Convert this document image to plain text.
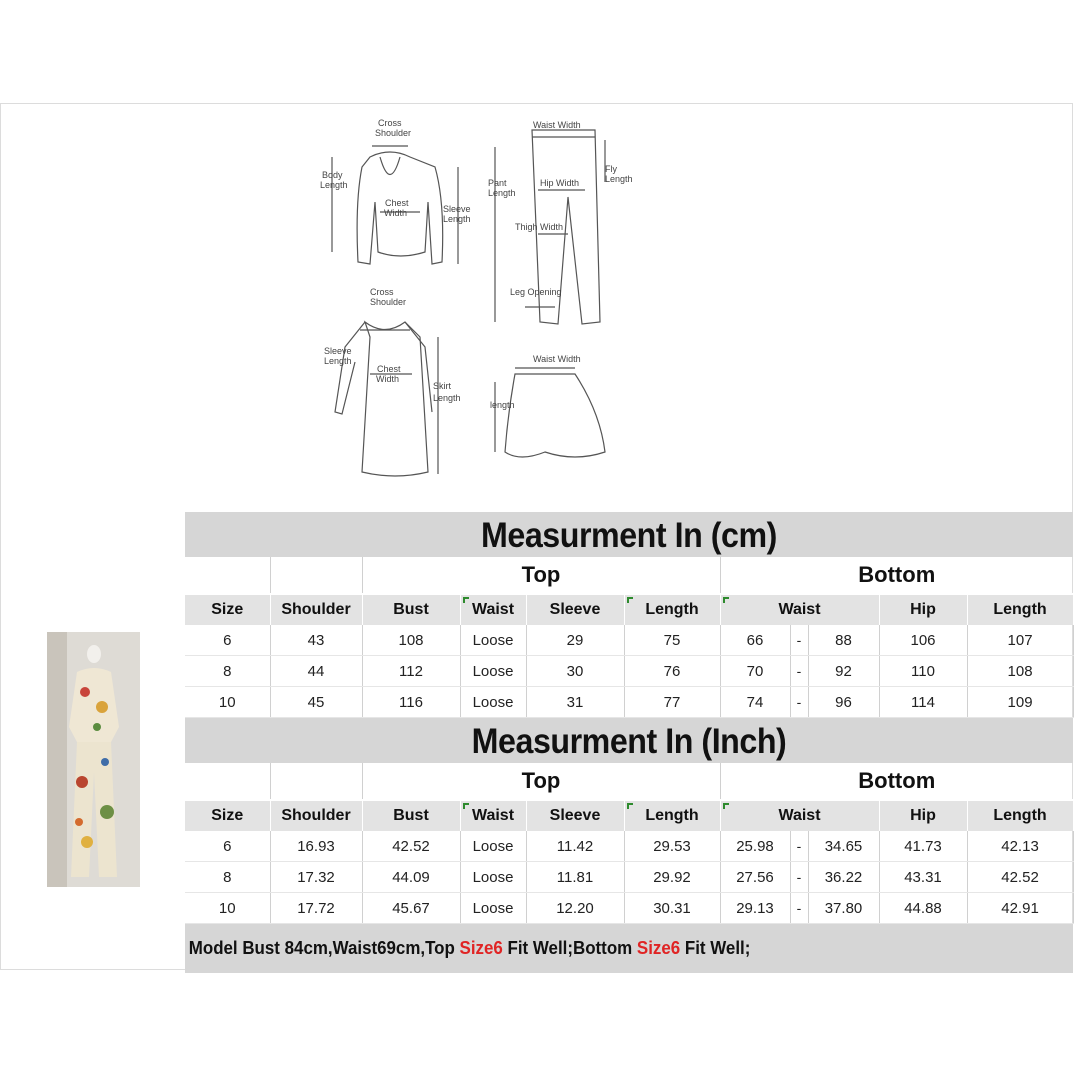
Cross
Shoulder
Body
Length
Chest
Width	Sleeve
Length
Waist Width
Pant
Length
Hip Width
Fly
Length
Thigh Width
Leg Opening
Cross
Shoulder
Sleeve
Length
Chest
Width
Skirt
Length
Waist Width
length
Measurment In (cm)
		Top				Bottom				
Size	Shoulder	Bust	Waist	Sleeve	Length	Waist			Hip	Length
6	43	108	Loose	29	75	66	-	88	106	107
8	44	112	Loose	30	76	70	-	92	110	108
10	45	116	Loose	31	77	74	-	96	114	109
Measurment In (Inch)
		Top				Bottom				
Size	Shoulder	Bust	Waist	Sleeve	Length	Waist			Hip	Length
6	16.93	42.52	Loose	11.42	29.53	25.98	-	34.65	41.73	42.13
8	17.32	44.09	Loose	11.81	29.92	27.56	-	36.22	43.31	42.52
10	17.72	45.67	Loose	12.20	30.31	29.13	-	37.80	44.88	42.91
Model Bust 84cm,Waist69cm,Top Size6 Fit Well;Bottom Size6 Fit Well;
